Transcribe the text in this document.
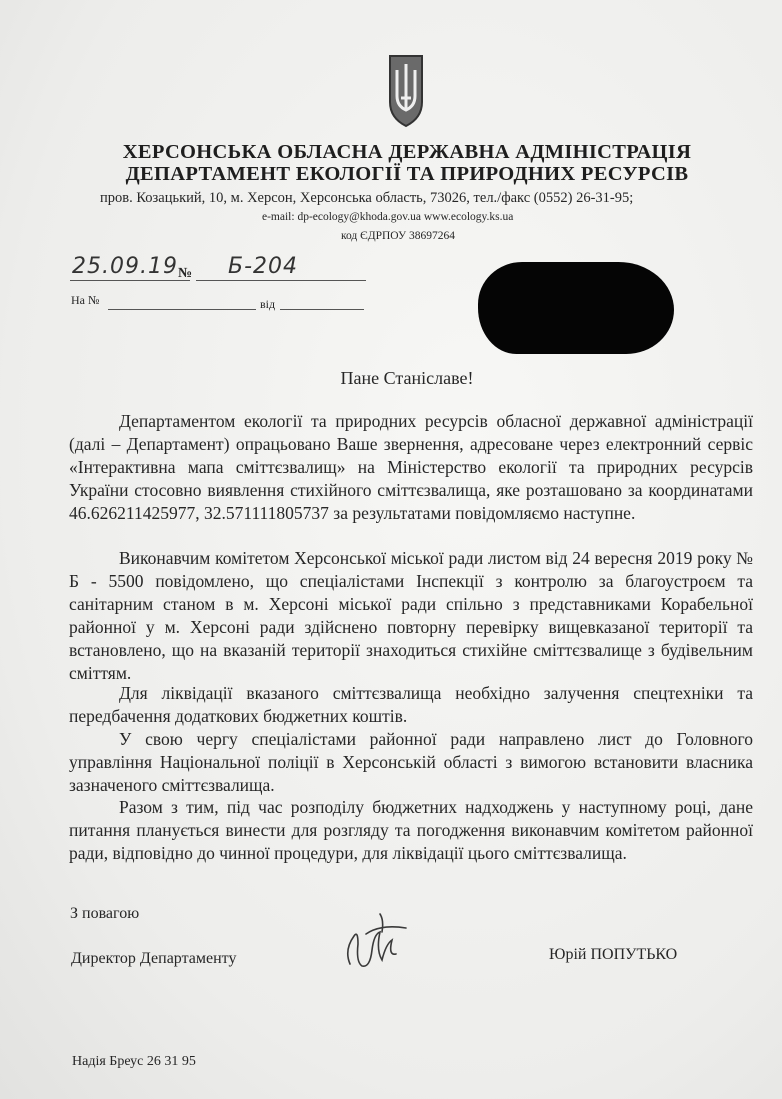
ХЕРСОНСЬКА ОБЛАСНА ДЕРЖАВНА АДМІНІСТРАЦІЯ
ДЕПАРТАМЕНТ ЕКОЛОГІЇ ТА ПРИРОДНИХ РЕСУРСІВ
пров. Козацький, 10, м. Херсон, Херсонська область, 73026, тел./факс (0552) 26-31-95;
e-mail: dp-ecology@khoda.gov.ua www.ecology.ks.ua
код ЄДРПОУ 38697264
25.09.19 № Б-204
На №	від
Пане Станіславе!

Департаментом екології та природних ресурсів обласної державної адміністрації (далі – Департамент) опрацьовано Ваше звернення, адресоване через електронний сервіс «Інтерактивна мапа сміттєзвалищ» на Міністерство екології та природних ресурсів України стосовно виявлення стихійного сміттєзвалища, яке розташовано за координатами 46.626211425977, 32.571111805737 за результатами повідомляємо наступне.

Виконавчим комітетом Херсонської міської ради листом від 24 вересня 2019 року № Б - 5500 повідомлено, що спеціалістами Інспекції з контролю за благоустроєм та санітарним станом в м. Херсоні міської ради спільно з представниками Корабельної районної у м. Херсоні ради здійснено повторну перевірку вищевказаної території та встановлено, що на вказаній території знаходиться стихійне сміттєзвалище з будівельним сміттям.

Для ліквідації вказаного сміттєзвалища необхідно залучення спецтехніки та передбачення додаткових бюджетних коштів.

У свою чергу спеціалістами районної ради направлено лист до Головного управління Національної поліції в Херсонській області з вимогою встановити власника зазначеного сміттєзвалища.

Разом з тим, під час розподілу бюджетних надходжень у наступному році, дане питання планується винести для розгляду та погодження виконавчим комітетом районної ради, відповідно до чинної процедури, для ліквідації цього сміттєзвалища.

З повагою
Директор Департаменту	Юрій ПОПУТЬКО
Надія Бреус 26 31 95
